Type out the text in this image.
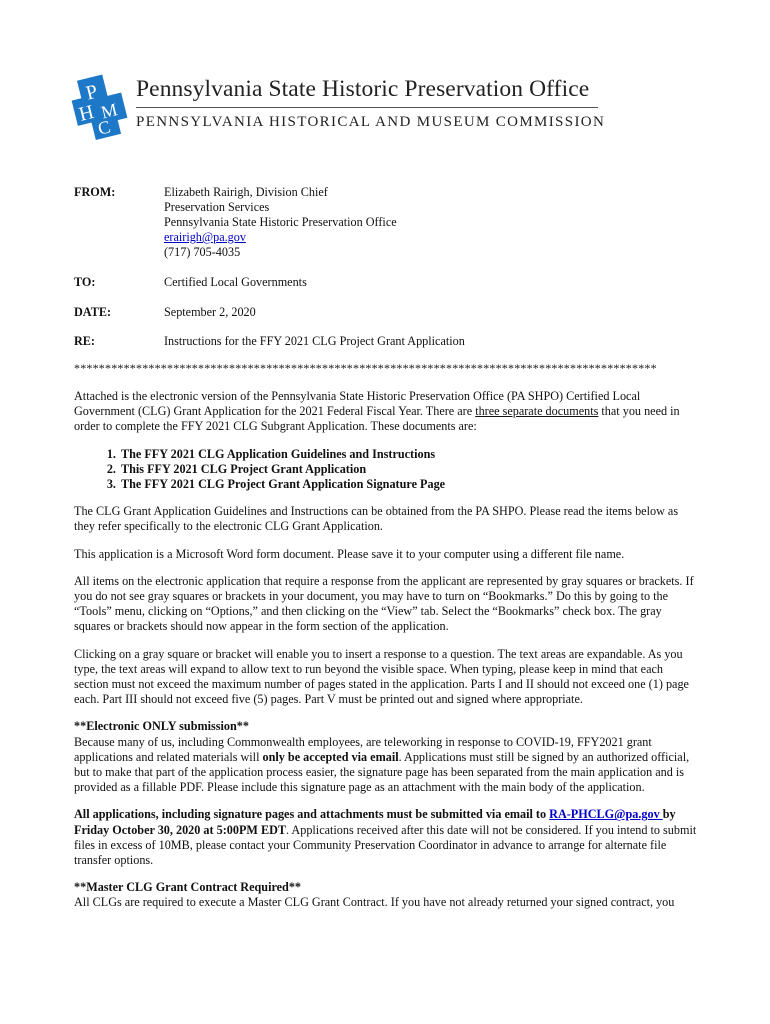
P
H M
C
Pennsylvania State Historic Preservation Office
PENNSYLVANIA HISTORICAL AND MUSEUM COMMISSION
FROM:	Elizabeth Rairigh, Division Chief
Preservation Services
Pennsylvania State Historic Preservation Office
erairigh@pa.gov
(717) 705-4035
TO:	Certified Local Governments
DATE:	September 2, 2020
RE:	Instructions for the FFY 2021 CLG Project Grant Application
**********************************************************************************************

Attached is the electronic version of the Pennsylvania State Historic Preservation Office (PA SHPO) Certified Local Government (CLG) Grant Application for the 2021 Federal Fiscal Year. There are three separate documents that you need in order to complete the FFY 2021 CLG Subgrant Application. These documents are:

1. The FFY 2021 CLG Application Guidelines and Instructions
2. This FFY 2021 CLG Project Grant Application
3. The FFY 2021 CLG Project Grant Application Signature Page

The CLG Grant Application Guidelines and Instructions can be obtained from the PA SHPO. Please read the items below as they refer specifically to the electronic CLG Grant Application.

This application is a Microsoft Word form document. Please save it to your computer using a different file name.

All items on the electronic application that require a response from the applicant are represented by gray squares or brackets. If you do not see gray squares or brackets in your document, you may have to turn on “Bookmarks.” Do this by going to the “Tools” menu, clicking on “Options,” and then clicking on the “View” tab. Select the “Bookmarks” check box. The gray squares or brackets should now appear in the form section of the application.

Clicking on a gray square or bracket will enable you to insert a response to a question. The text areas are expandable. As you type, the text areas will expand to allow text to run beyond the visible space. When typing, please keep in mind that each section must not exceed the maximum number of pages stated in the application. Parts I and II should not exceed one (1) page each. Part III should not exceed five (5) pages. Part V must be printed out and signed where appropriate.

**Electronic ONLY submission**
Because many of us, including Commonwealth employees, are teleworking in response to COVID-19, FFY2021 grant applications and related materials will only be accepted via email. Applications must still be signed by an authorized official, but to make that part of the application process easier, the signature page has been separated from the main application and is provided as a fillable PDF. Please include this signature page as an attachment with the main body of the application.

All applications, including signature pages and attachments must be submitted via email to RA-PHCLG@pa.gov by Friday October 30, 2020 at 5:00PM EDT. Applications received after this date will not be considered. If you intend to submit files in excess of 10MB, please contact your Community Preservation Coordinator in advance to arrange for alternate file transfer options.

**Master CLG Grant Contract Required**
All CLGs are required to execute a Master CLG Grant Contract. If you have not already returned your signed contract, you
